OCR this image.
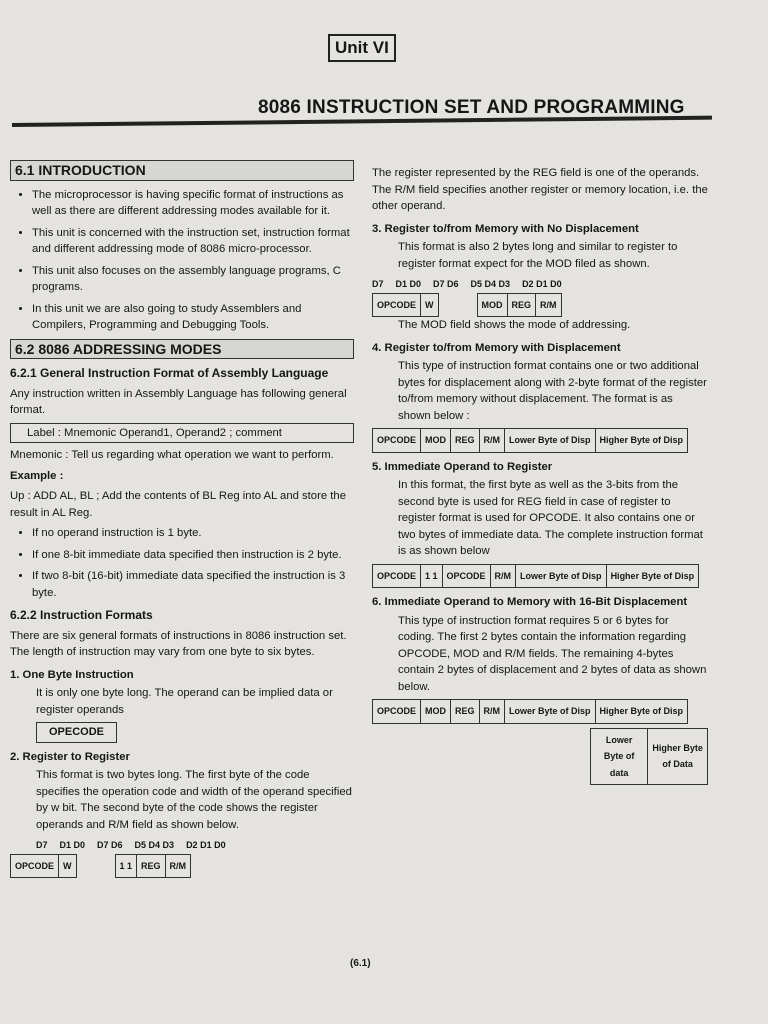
Unit VI
8086 INSTRUCTION SET AND PROGRAMMING
6.1 INTRODUCTION
• The microprocessor is having specific format of instructions as well as there are different addressing modes available for it.
• This unit is concerned with the instruction set, instruction format and different addressing mode of 8086 micro-processor.
• This unit also focuses on the assembly language programs, C programs.
• In this unit we are also going to study Assemblers and Compilers, Programming and Debugging Tools.
6.2 8086 ADDRESSING MODES
6.2.1 General Instruction Format of Assembly Language

Any instruction written in Assembly Language has following general format.

Label : Mnemonic Operand1, Operand2 ; comment

Mnemonic : Tell us regarding what operation we want to perform.

Example :

Up : ADD AL, BL ; Add the contents of BL Reg into AL and store the result in AL Reg.

• If no operand instruction is 1 byte.
• If one 8-bit immediate data specified then instruction is 2 byte.
• If two 8-bit (16-bit) immediate data specified the instruction is 3 byte.
6.2.2 Instruction Formats

There are six general formats of instructions in 8086 instruction set. The length of instruction may vary from one byte to six bytes.

1. One Byte Instruction

It is only one byte long. The operand can be implied data or register operands

OPECODE
2. Register to Register

This format is two bytes long. The first byte of the code specifies the operation code and width of the operand specified by w bit. The second byte of the code shows the register operands and R/M field as shown below.

D7 D1 D0 D7 D6 D5 D4 D3 D2 D1 D0
OPCODE	W		1 1	REG	R/M

The register represented by the REG field is one of the operands. The R/M field specifies another register or memory location, i.e. the other operand.

3. Register to/from Memory with No Displacement

This format is also 2 bytes long and similar to register to register format expect for the MOD filed as shown.

D7 D1 D0 D7 D6 D5 D4 D3 D2 D1 D0
OPCODE	W		MOD	REG	R/M

The MOD field shows the mode of addressing.

4. Register to/from Memory with Displacement

This type of instruction format contains one or two additional bytes for displacement along with 2-byte format of the register to/from memory without displacement. The format is as shown below :

OPCODE	MOD	REG	R/M	Lower Byte of Disp	Higher Byte of Disp
5. Immediate Operand to Register

In this format, the first byte as well as the 3-bits from the second byte is used for REG field in case of register to register format is used for OPCODE. It also contains one or two bytes of immediate data. The complete instruction format is as shown below

OPCODE	1 1	OPCODE	R/M	Lower Byte of Disp	Higher Byte of Disp
6. Immediate Operand to Memory with 16-Bit Displacement

This type of instruction format requires 5 or 6 bytes for coding. The first 2 bytes contain the information regarding OPCODE, MOD and R/M fields. The remaining 4-bytes contain 2 bytes of displacement and 2 bytes of data as shown below.

OPCODE	MOD	REG	R/M	Lower Byte of Disp	Higher Byte of Disp
Lower Byte of data	Higher Byte of Data
(6.1)
